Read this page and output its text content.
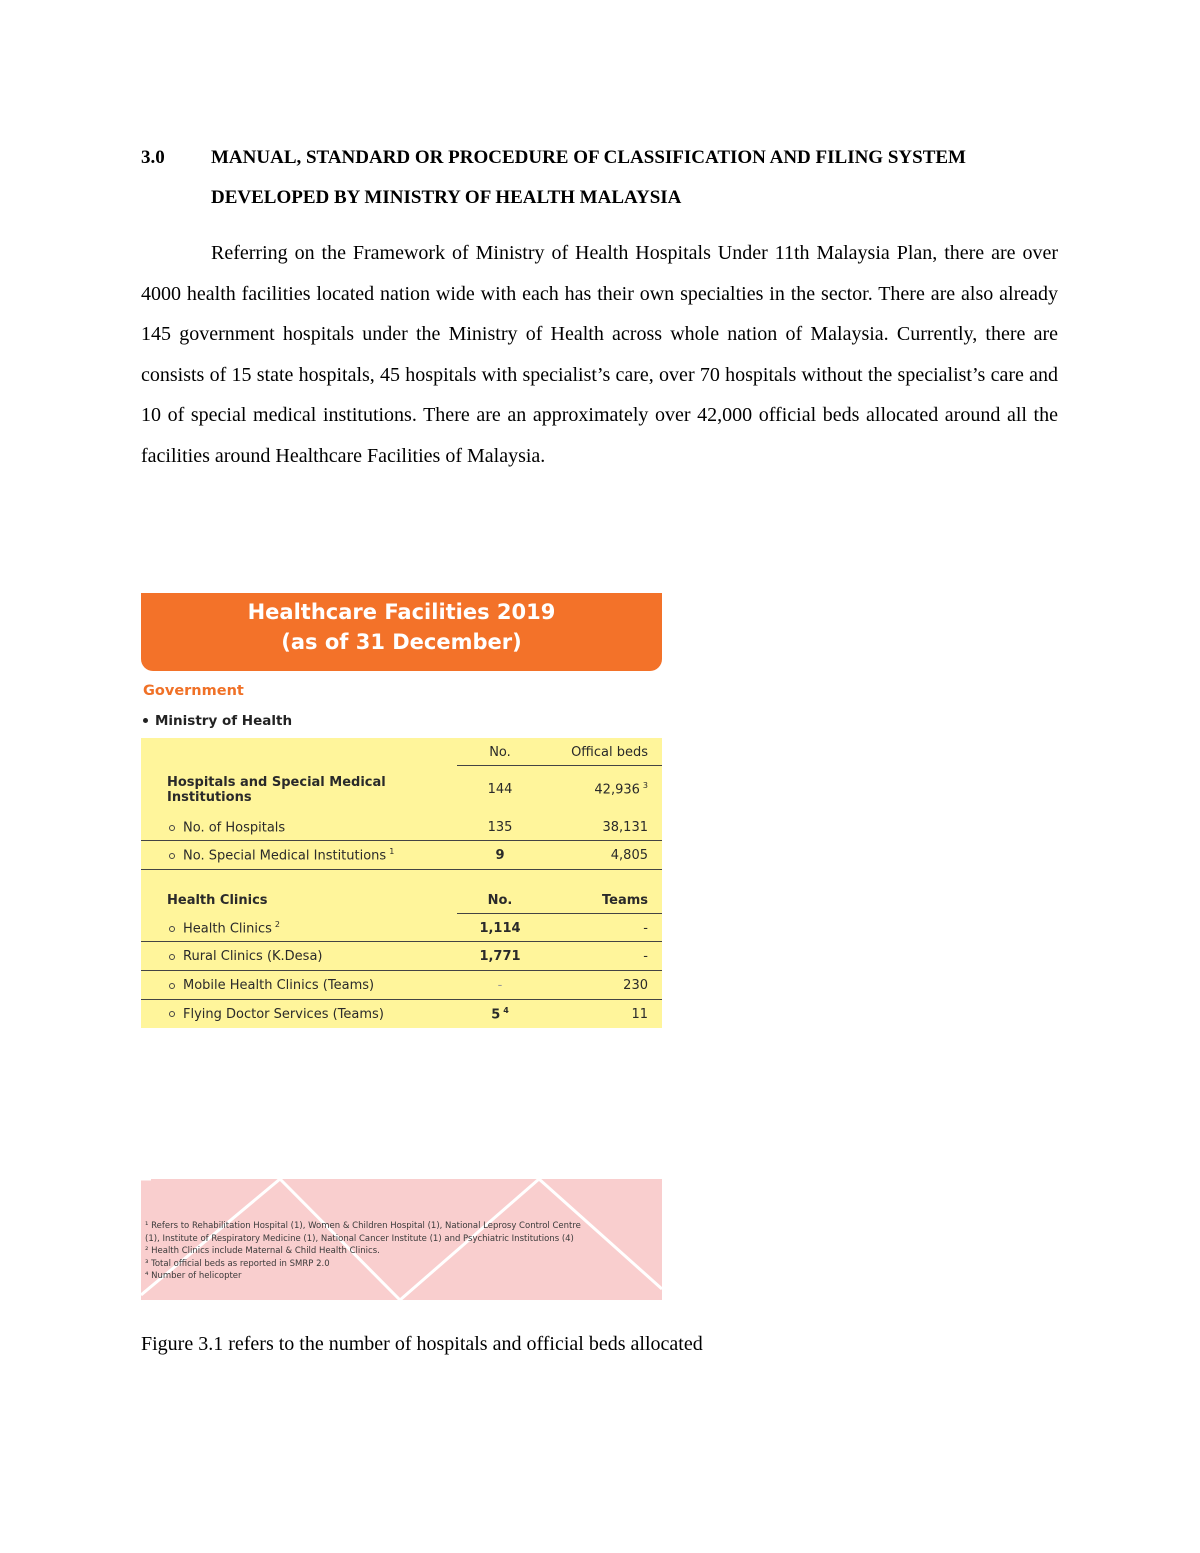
3.0 MANUAL, STANDARD OR PROCEDURE OF CLASSIFICATION AND FILING SYSTEM DEVELOPED BY MINISTRY OF HEALTH MALAYSIA

Referring on the Framework of Ministry of Health Hospitals Under 11th Malaysia Plan, there are over 4000 health facilities located nation wide with each has their own specialties in the sector. There are also already 145 government hospitals under the Ministry of Health across whole nation of Malaysia. Currently, there are consists of 15 state hospitals, 45 hospitals with specialist’s care, over 70 hospitals without the specialist’s care and 10 of special medical institutions. There are an approximately over 42,000 official beds allocated around all the facilities around Healthcare Facilities of Malaysia.

Healthcare Facilities 2019
(as of 31 December)
Government
Ministry of Health
No.	Offical beds
Hospitals and Special Medical Institutions	144	42,936 $^3$
No. of Hospitals	135	38,131
No. Special Medical Institutions $^1$	9	4,805
Health Clinics	No.	Teams
Health Clinics $^2$	1,114	-
Rural Clinics (K.Desa)	1,771	-
Mobile Health Clinics (Teams)	-	230
Flying Doctor Services (Teams)	5 $^4$	11
¹ Refers to Rehabilitation Hospital (1), Women & Children Hospital (1), National Leprosy Control Centre
(1), Institute of Respiratory Medicine (1), National Cancer Institute (1) and Psychiatric Institutions (4)
² Health Clinics include Maternal & Child Health Clinics.
³ Total official beds as reported in SMRP 2.0
⁴ Number of helicopter
Figure 3.1 refers to the number of hospitals and official beds allocated
